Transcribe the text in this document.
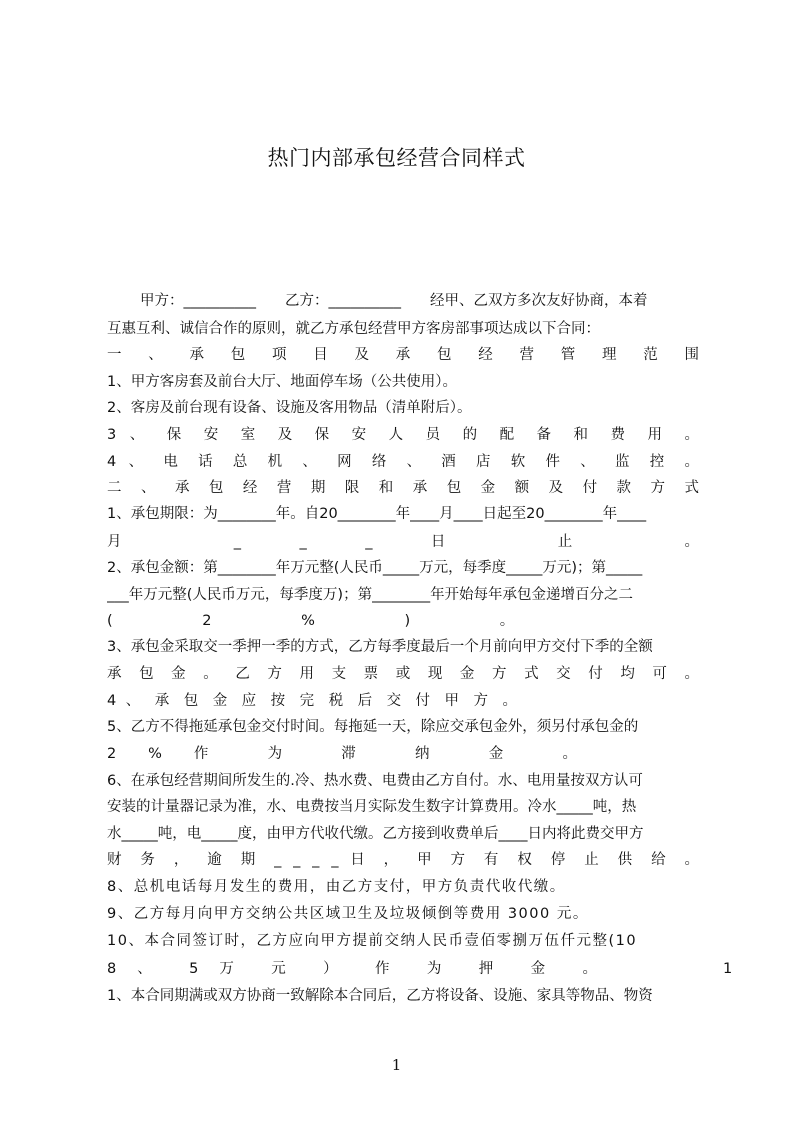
热门内部承包经营合同样式
甲方：__________　　乙方：__________　　经甲、乙双方多次友好协商，本着
互惠互利、诚信合作的原则，就乙方承包经营甲方客房部事项达成以下合同：
一 、 承 包 项 目 及 承 包 经 营 管 理 范 围
1、甲方客房套及前台大厅、地面停车场（公共使用）。
2、客房及前台现有设备、设施及客用物品（清单附后）。
3 、 保 安 室 及 保 安 人 员 的 配 备 和 费 用 。
4 、 电 话 总 机 、 网 络 、 酒 店 软 件 、 监 控 。
二 、 承 包 经 营 期 限 和 承 包 金 额 及 付 款 方 式
1、承包期限：为________年。自20________年____月____日起至20________年____
月 _ _ _ 日 止 。
2、承包金额：第________年万元整(人民币_____万元，每季度_____万元)；第_____
___年万元整(人民币万元，每季度万)；第________年开始每年承包金递增百分之二
( 2 % ) 。
3、承包金采取交一季押一季的方式，乙方每季度最后一个月前向甲方交付下季的全额
承 包 金 。 乙 方 用 支 票 或 现 金 方 式 交 付 均 可 。
4 、 承 包 金 应 按 完 税 后 交 付 甲 方 。
5、乙方不得拖延承包金交付时间。每拖延一天，除应交承包金外，须另付承包金的
2 % 作 为 滞 纳 金 。
6、在承包经营期间所发生的.冷、热水费、电费由乙方自付。水、电用量按双方认可
安装的计量器记录为准，水、电费按当月实际发生数字计算费用。冷水_____吨，热
水_____吨，电_____度，由甲方代收代缴。乙方接到收费单后____日内将此费交甲方
财 务 ， 逾 期 _ _ _ _ 日 ， 甲 方 有 权 停 止 供 给 。
8、总机电话每月发生的费用，由乙方支付，甲方负责代收代缴。
9、乙方每月向甲方交纳公共区域卫生及垃圾倾倒等费用 3000 元。
10、本合同签订时，乙方应向甲方提前交纳人民币壹佰零捌万伍仟元整(10
8 、 5 万 元 ） 作 为 押 金 。	1
1、本合同期满或双方协商一致解除本合同后，乙方将设备、设施、家具等物品、物资
1
